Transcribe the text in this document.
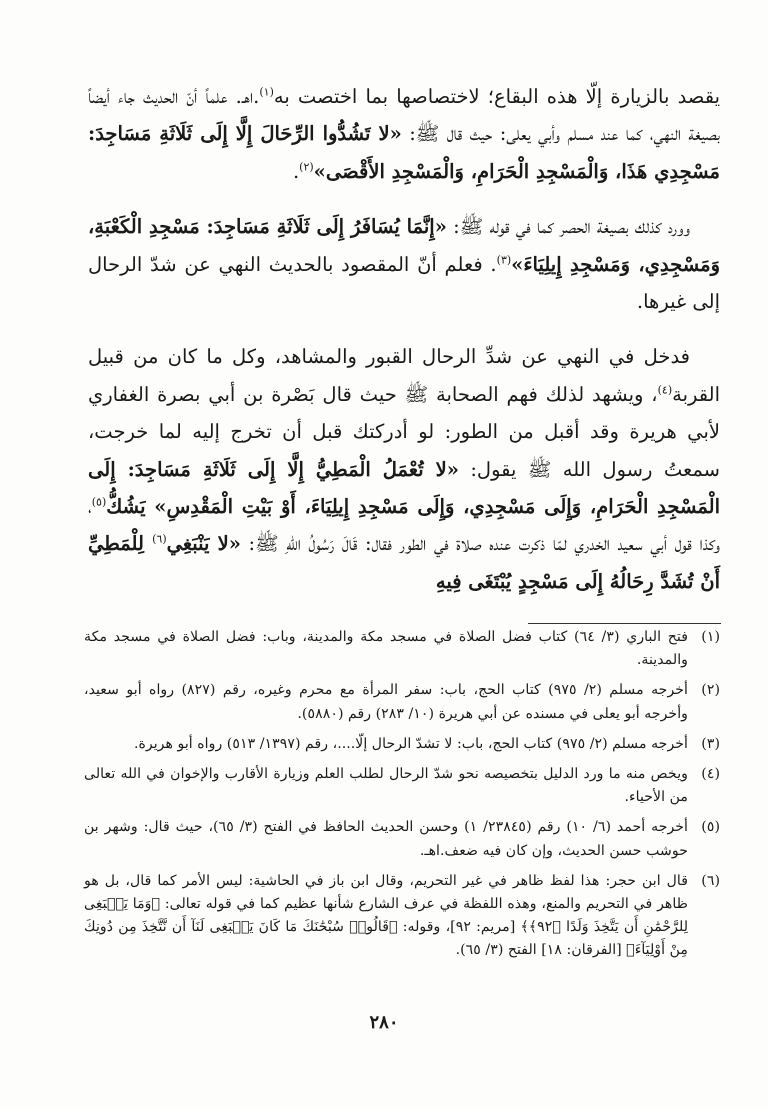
يقصد بالزيارة إلّا هذه البقاع؛ لاختصاصها بما اختصت به$^{(١)}$.اهـ. علماً أنّ الحديث جاء أيضاً بصيغة النهي، كما عند مسلم وأبي يعلى: حيث قال ﷺ: «لا تَشُدُّوا الرِّحَالَ إِلَّا إِلَى ثَلَاثَةِ مَسَاجِدَ: مَسْجِدِي هَذَا، وَالْمَسْجِدِ الْحَرَامِ، وَالْمَسْجِدِ الأَقْصَى»$^{(٢)}$.

وورد كذلك بصيغة الحصر كما في قوله ﷺ: «إِنَّمَا يُسَافَرُ إِلَى ثَلَاثَةِ مَسَاجِدَ: مَسْجِدِ الْكَعْبَةِ، وَمَسْجِدِي، وَمَسْجِدِ إِيلِيَاءَ»$^{(٣)}$. فعلم أنّ المقصود بالحديث النهي عن شدّ الرحال إلى غيرها.

فدخل في النهي عن شدِّ الرحال القبور والمشاهد، وكل ما كان من قبيل القربة$^{(٤)}$، ويشهد لذلك فهم الصحابة ﷺ حيث قال بَصْرة بن أبي بصرة الغفاري لأبي هريرة وقد أقبل من الطور: لو أدركتك قبل أن تخرج إليه لما خرجت، سمعتُ رسول الله ﷺ يقول: «لا تُعْمَلُ الْمَطِيُّ إِلَّا إِلَى ثَلَاثَةِ مَسَاجِدَ: إِلَى الْمَسْجِدِ الْحَرَامِ، وَإِلَى مَسْجِدِي، وَإِلَى مَسْجِدِ إِيلِيَاءَ، أَوْ بَيْتِ الْمَقْدِسِ» يَشُكُّ$^{(٥)}$، وكذا قول أبي سعيد الخدري لمّا ذكرت عنده صلاة في الطور فقال: قَالَ رَسُولُ اللهِ ﷺ: «لا يَنْبَغِي$^{(٦)}$ لِلْمَطِيِّ أَنْ تُشَدَّ رِحَالُهُ إِلَى مَسْجِدٍ يُبْتَغَى فِيهِ

(١)
فتح الباري (٣/ ٦٤) كتاب فضل الصلاة في مسجد مكة والمدينة، وباب: فضل الصلاة في مسجد مكة والمدينة.
(٢)
أخرجه مسلم (٢/ ٩٧٥) كتاب الحج، باب: سفر المرأة مع محرم وغيره، رقم (٨٢٧) رواه أبو سعيد، وأخرجه أبو يعلى في مسنده عن أبي هريرة (١٠/ ٢٨٣) رقم (٥٨٨٠).
(٣)
أخرجه مسلم (٢/ ٩٧٥) كتاب الحج، باب: لا تشدّ الرحال إلّا....، رقم (١٣٩٧/ ٥١٣) رواه أبو هريرة.
(٤)
ويخص منه ما ورد الدليل بتخصيصه نحو شدّ الرحال لطلب العلم وزيارة الأقارب والإخوان في الله تعالى من الأحياء.
(٥)
أخرجه أحمد (٦/ ١٠) رقم (٢٣٨٤٥/ ١) وحسن الحديث الحافظ في الفتح (٣/ ٦٥)، حيث قال: وشهر بن حوشب حسن الحديث، وإن كان فيه ضعف.اهـ.
(٦)
قال ابن حجر: هذا لفظ ظاهر في غير التحريم، وقال ابن باز في الحاشية: ليس الأمر كما قال، بل هو ظاهر في التحريم والمنع، وهذه اللفظة في عرف الشارع شأنها عظيم كما في قوله تعالى: ﴿وَمَا يَنۢبَغِى لِلرَّحْمَٰنِ أَن يَتَّخِذَ وَلَدًا ﴿٩٢﴾﴾ [مريم: ٩٢]، وقوله: ﴿قَالُوا۟ سُبْحَٰنَكَ مَا كَانَ يَنۢبَغِى لَنَآ أَن نَّتَّخِذَ مِن دُونِكَ مِنْ أَوْلِيَآءَ﴾ [الفرقان: ١٨] الفتح (٣/ ٦٥).
٢٨٠
